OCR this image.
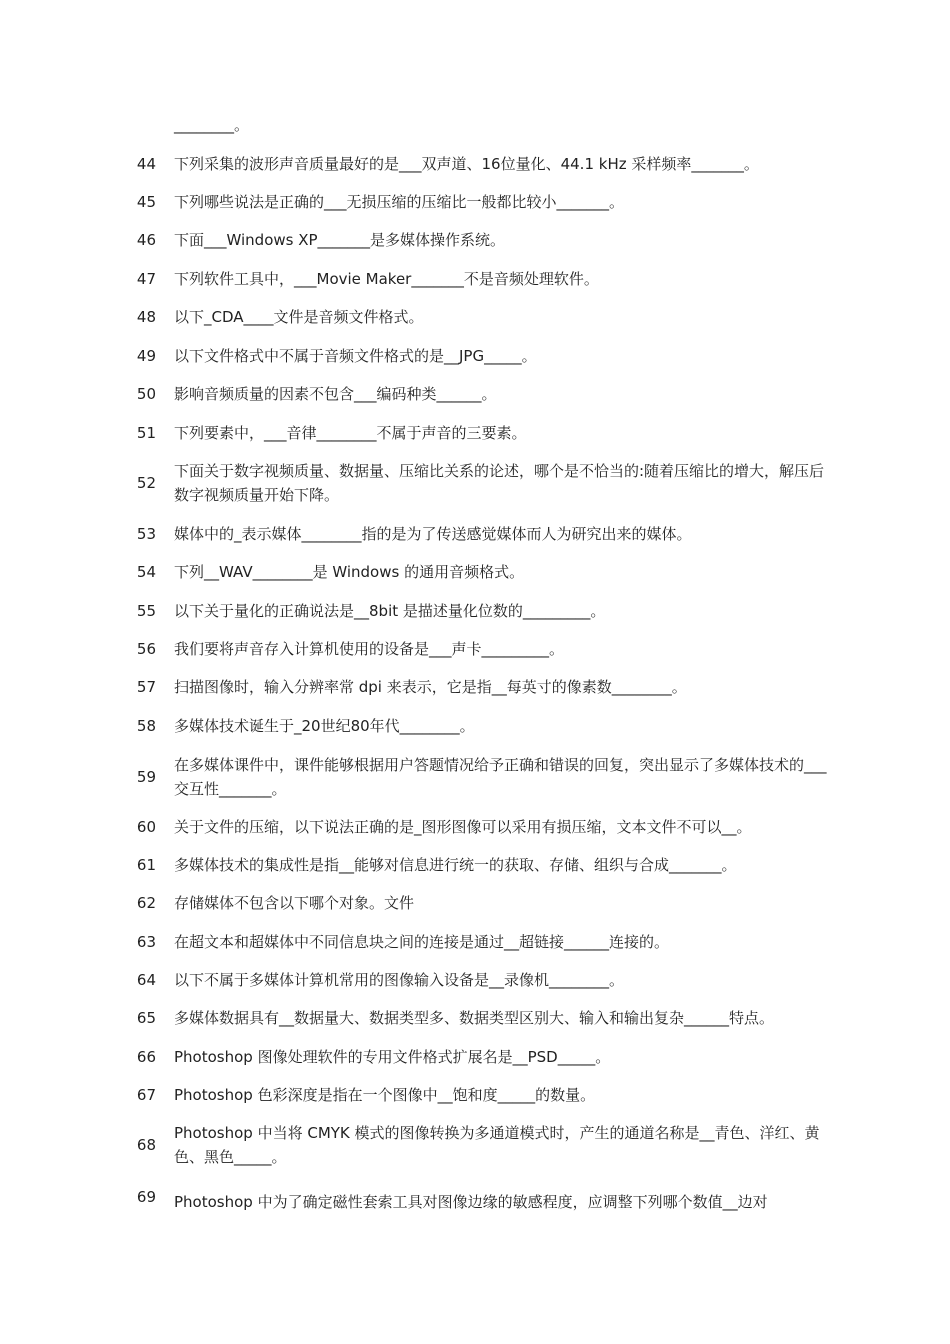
________。
44 下列采集的波形声音质量最好的是___双声道、16位量化、44.1 kHz 采样频率_______。
45 下列哪些说法是正确的___无损压缩的压缩比一般都比较小_______。
46 下面___Windows XP_______是多媒体操作系统。
47 下列软件工具中，___Movie Maker_______不是音频处理软件。
48 以下_CDA____文件是音频文件格式。
49 以下文件格式中不属于音频文件格式的是__JPG_____。
50 影响音频质量的因素不包含___编码种类______。
51 下列要素中，___音律________不属于声音的三要素。
52
下面关于数字视频质量、数据量、压缩比关系的论述，哪个是不恰当的:随着压缩比的增大，解压后数字视频质量开始下降。
53 媒体中的_表示媒体________指的是为了传送感觉媒体而人为研究出来的媒体。
54 下列__WAV________是 Windows 的通用音频格式。
55 以下关于量化的正确说法是__8bit 是描述量化位数的_________。
56 我们要将声音存入计算机使用的设备是___声卡_________。
57 扫描图像时，输入分辨率常 dpi 来表示，它是指__每英寸的像素数________。
58 多媒体技术诞生于_20世纪80年代________。
59
在多媒体课件中，课件能够根据用户答题情况给予正确和错误的回复，突出显示了多媒体技术的___交互性_______。
60 关于文件的压缩，以下说法正确的是_图形图像可以采用有损压缩，文本文件不可以__。
61 多媒体技术的集成性是指__能够对信息进行统一的获取、存储、组织与合成_______。
62 存储媒体不包含以下哪个对象。文件
63 在超文本和超媒体中不同信息块之间的连接是通过__超链接______连接的。
64 以下不属于多媒体计算机常用的图像输入设备是__录像机________。
65 多媒体数据具有__数据量大、数据类型多、数据类型区别大、输入和输出复杂______特点。
66 Photoshop 图像处理软件的专用文件格式扩展名是__PSD_____。
67 Photoshop 色彩深度是指在一个图像中__饱和度_____的数量。
68
Photoshop 中当将 CMYK 模式的图像转换为多通道模式时，产生的通道名称是__青色、洋红、黄色、黑色_____。
69 Photoshop 中为了确定磁性套索工具对图像边缘的敏感程度，应调整下列哪个数值__边对
